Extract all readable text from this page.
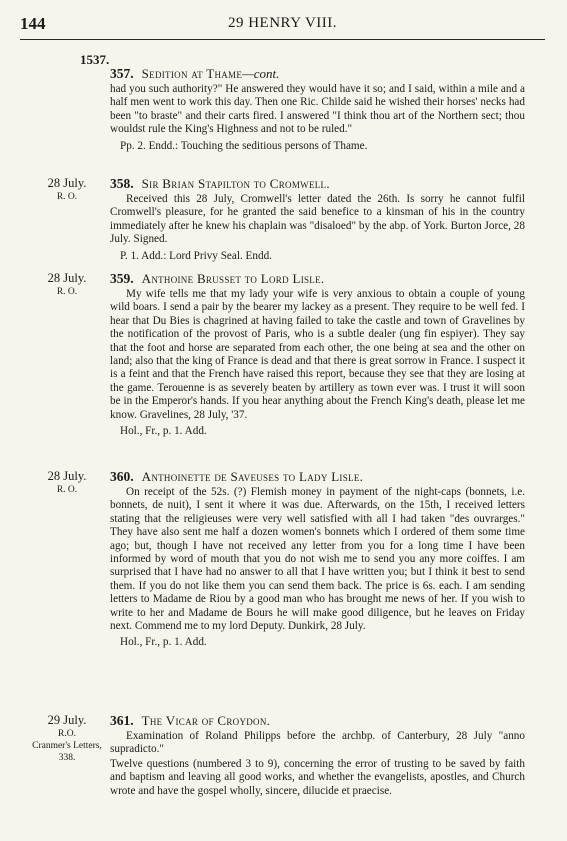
144	29 HENRY VIII.
1537.
357. Sedition at Thame—cont.

had you such authority?" He answered they would have it so; and I said, within a mile and a half men went to work this day. Then one Ric. Childe said he wished their horses' necks had been "to braste" and their carts fired. I answered "I think thou art of the Northern sect; thou wouldst rule the King's Highness and not to be ruled."

Pp. 2. Endd.: Touching the seditious persons of Thame.
28 July.
R. O.
358. Sir Brian Stapilton to Cromwell.

Received this 28 July, Cromwell's letter dated the 26th. Is sorry he cannot fulfil Cromwell's pleasure, for he granted the said benefice to a kinsman of his in the country immediately after he knew his chaplain was "disaloed" by the abp. of York. Burton Jorce, 28 July. Signed.

P. 1. Add.: Lord Privy Seal. Endd.
28 July.
R. O.
359. Anthoine Brusset to Lord Lisle.

My wife tells me that my lady your wife is very anxious to obtain a couple of young wild boars. I send a pair by the bearer my lackey as a present. They require to be well fed. I hear that Du Bies is chagrined at having failed to take the castle and town of Gravelines by the notification of the provost of Paris, who is a subtle dealer (ung fin espiyer). They say that the foot and horse are separated from each other, the one being at sea and the other on land; also that the king of France is dead and that there is great sorrow in France. I suspect it is a feint and that the French have raised this report, because they see that they are losing at the game. Terouenne is as severely beaten by artillery as town ever was. I trust it will soon be in the Emperor's hands. If you hear anything about the French King's death, please let me know. Gravelines, 28 July, '37.

Hol., Fr., p. 1. Add.
28 July.
R. O.
360. Anthoinette de Saveuses to Lady Lisle.

On receipt of the 52s. (?) Flemish money in payment of the night-caps (bonnets, i.e. bonnets, de nuit), I sent it where it was due. Afterwards, on the 15th, I received letters stating that the religieuses were very well satisfied with all I had taken "des ouvrarges." They have also sent me half a dozen women's bonnets which I ordered of them some time ago; but, though I have not received any letter from you for a long time I have been informed by word of mouth that you do not wish me to send you any more coiffes. I am surprised that I have had no answer to all that I have written you; but I think it best to send them. If you do not like them you can send them back. The price is 6s. each. I am sending letters to Madame de Riou by a good man who has brought me news of her. If you wish to write to her and Madame de Bours he will make good diligence, but he leaves on Friday next. Commend me to my lord Deputy. Dunkirk, 28 July.

Hol., Fr., p. 1. Add.
29 July.
R.O.
Cranmer's Letters, 338.
361. The Vicar of Croydon.

Examination of Roland Philipps before the archbp. of Canterbury, 28 July "anno supradicto."

Twelve questions (numbered 3 to 9), concerning the error of trusting to be saved by faith and baptism and leaving all good works, and whether the evangelists, apostles, and Church wrote and have the gospel wholly, sincere, dilucide et praecise.
